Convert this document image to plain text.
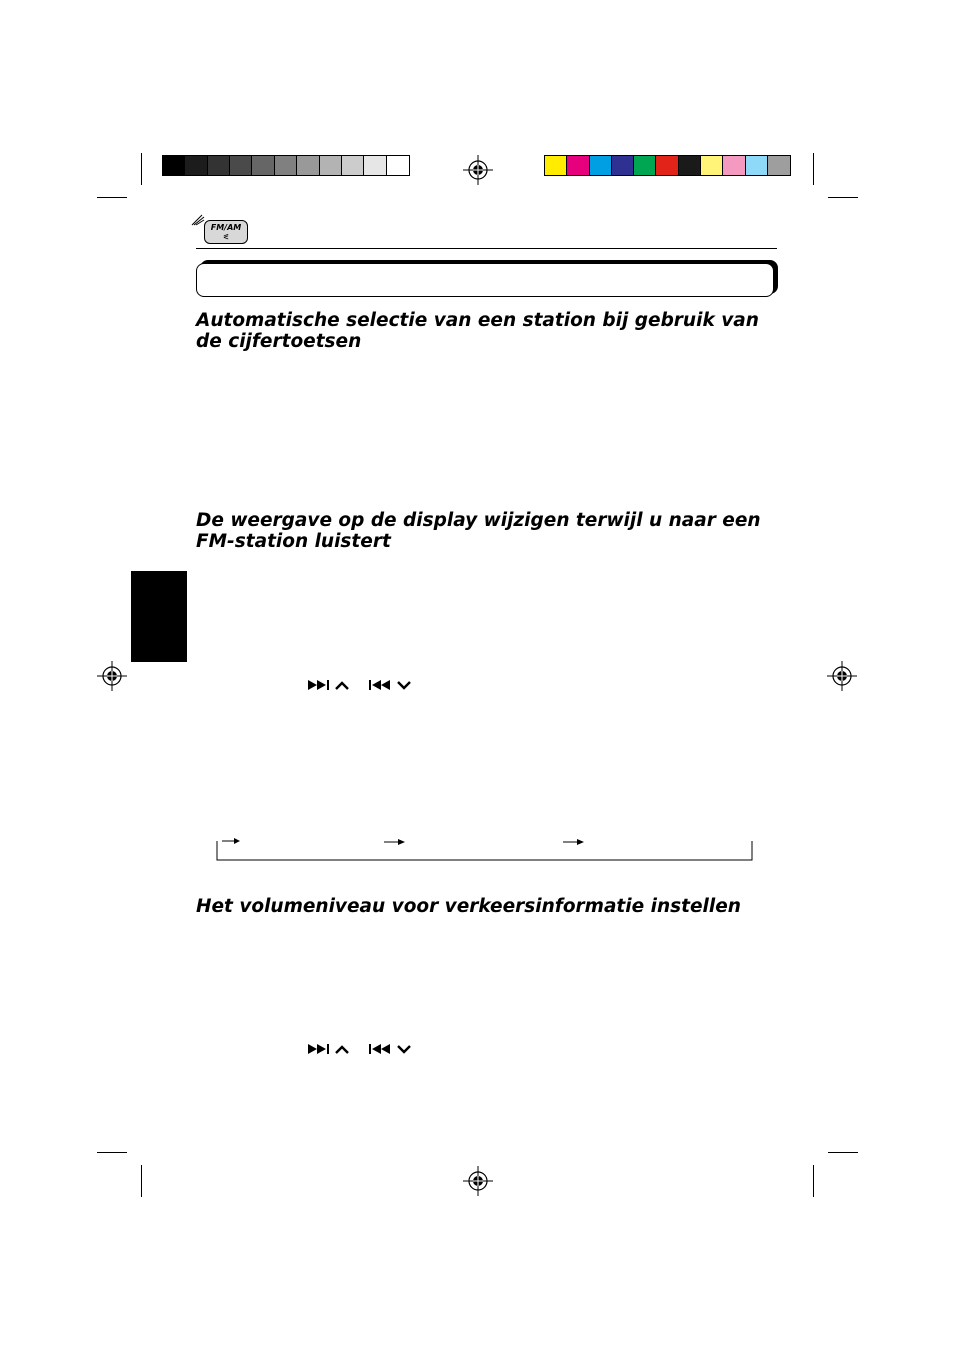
FM/AM
⪕
Automatische selectie van een station bij gebruik van de cijfertoetsen
De weergave op de display wijzigen terwijl u naar een FM-station luistert
Het volumeniveau voor verkeersinformatie instellen
